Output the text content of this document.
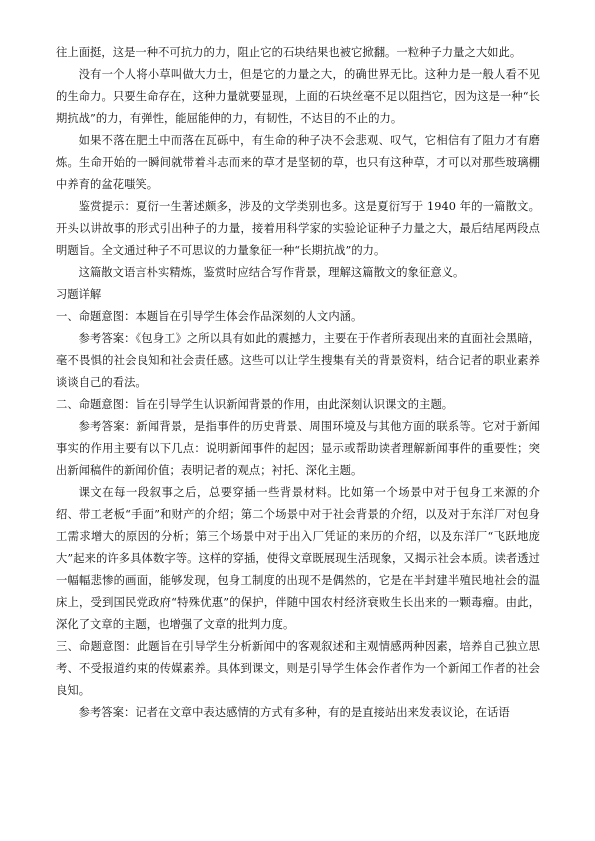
往上面挺，这是一种不可抗力的力，阻止它的石块结果也被它掀翻。一粒种子力量之大如此。

没有一个人将小草叫做大力士，但是它的力量之大，的确世界无比。这种力是一般人看不见的生命力。只要生命存在，这种力量就要显现，上面的石块丝毫不足以阻挡它，因为这是一种“长期抗战”的力，有弹性，能屈能伸的力，有韧性，不达目的不止的力。

如果不落在肥土中而落在瓦砾中，有生命的种子决不会悲观、叹气，它相信有了阻力才有磨炼。生命开始的一瞬间就带着斗志而来的草才是坚韧的草，也只有这种草，才可以对那些玻璃棚中养育的盆花嗤笑。

鉴赏提示：夏衍一生著述颇多，涉及的文学类别也多。这是夏衍写于 1940 年的一篇散文。开头以讲故事的形式引出种子的力量，接着用科学家的实验论证种子力量之大，最后结尾两段点明题旨。全文通过种子不可思议的力量象征一种“长期抗战”的力。

这篇散文语言朴实精炼，鉴赏时应结合写作背景，理解这篇散文的象征意义。

习题详解

一、命题意图：本题旨在引导学生体会作品深刻的人文内涵。

参考答案：《包身工》之所以具有如此的震撼力，主要在于作者所表现出来的直面社会黑暗，毫不畏惧的社会良知和社会责任感。这些可以让学生搜集有关的背景资料，结合记者的职业素养谈谈自己的看法。

二、命题意图：旨在引导学生认识新闻背景的作用，由此深刻认识课文的主题。

参考答案：新闻背景，是指事件的历史背景、周围环境及与其他方面的联系等。它对于新闻事实的作用主要有以下几点：说明新闻事件的起因；显示或帮助读者理解新闻事件的重要性；突出新闻稿件的新闻价值；表明记者的观点；衬托、深化主题。

课文在每一段叙事之后，总要穿插一些背景材料。比如第一个场景中对于包身工来源的介绍、带工老板“手面”和财产的介绍；第二个场景中对于社会背景的介绍，以及对于东洋厂对包身工需求增大的原因的分析；第三个场景中对于出入厂凭证的来历的介绍，以及东洋厂“飞跃地庞大”起来的许多具体数字等。这样的穿插，使得文章既展现生活现象，又揭示社会本质。读者透过一幅幅悲惨的画面，能够发现，包身工制度的出现不是偶然的，它是在半封建半殖民地社会的温床上，受到国民党政府“特殊优惠”的保护，伴随中国农村经济衰败生长出来的一颗毒瘤。由此，深化了文章的主题，也增强了文章的批判力度。

三、命题意图：此题旨在引导学生分析新闻中的客观叙述和主观情感两种因素，培养自己独立思考、不受报道约束的传媒素养。具体到课文，则是引导学生体会作者作为一个新闻工作者的社会良知。

参考答案：记者在文章中表达感情的方式有多种，有的是直接站出来发表议论，在话语
